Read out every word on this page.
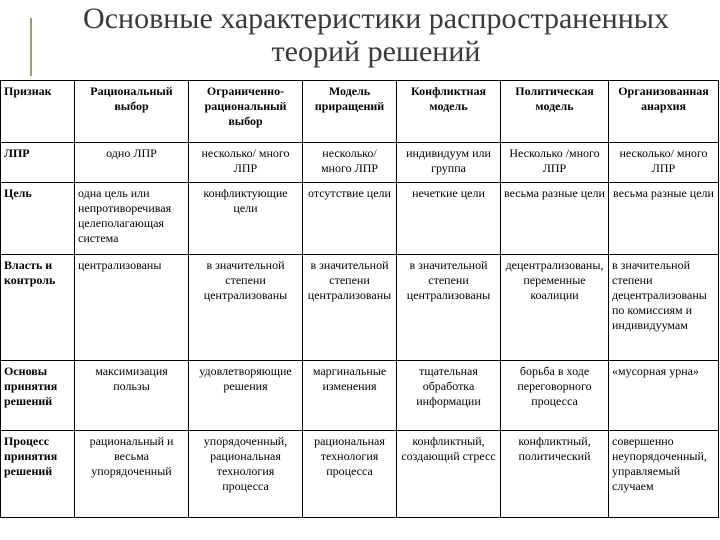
Основные характеристики распространенных теорий решений
Признак	Рациональный выбор	Ограниченно-рациональный выбор	Модель приращений	Конфликтная модель	Политическая модель	Организованная анархия
ЛПР	одно ЛПР	несколько/ много ЛПР	несколько/ много ЛПР	индивидуум или группа	Несколько /много ЛПР	несколько/ много ЛПР
Цель	одна цель или непротиворечивая целеполагающая система	конфликтующие цели	отсутствие цели	нечеткие цели	весьма разные цели	весьма разные цели
Власть и контроль	централизованы	в значительной степени централизованы	в значительной степени централизованы	в значительной степени централизованы	децентрализованы, переменные коалиции	в значительной степени децентрализованы по комиссиям и индивидуумам
Основы принятия решений	максимизация пользы	удовлетворяющие решения	маргинальные изменения	тщательная обработка информации	борьба в ходе переговорного процесса	«мусорная урна»
Процесс принятия решений	рациональный и весьма упорядоченный	упорядоченный, рациональная технология процесса	рациональная технология процесса	конфликтный, создающий стресс	конфликтный, политический	совершенно неупорядоченный, управляемый случаем
